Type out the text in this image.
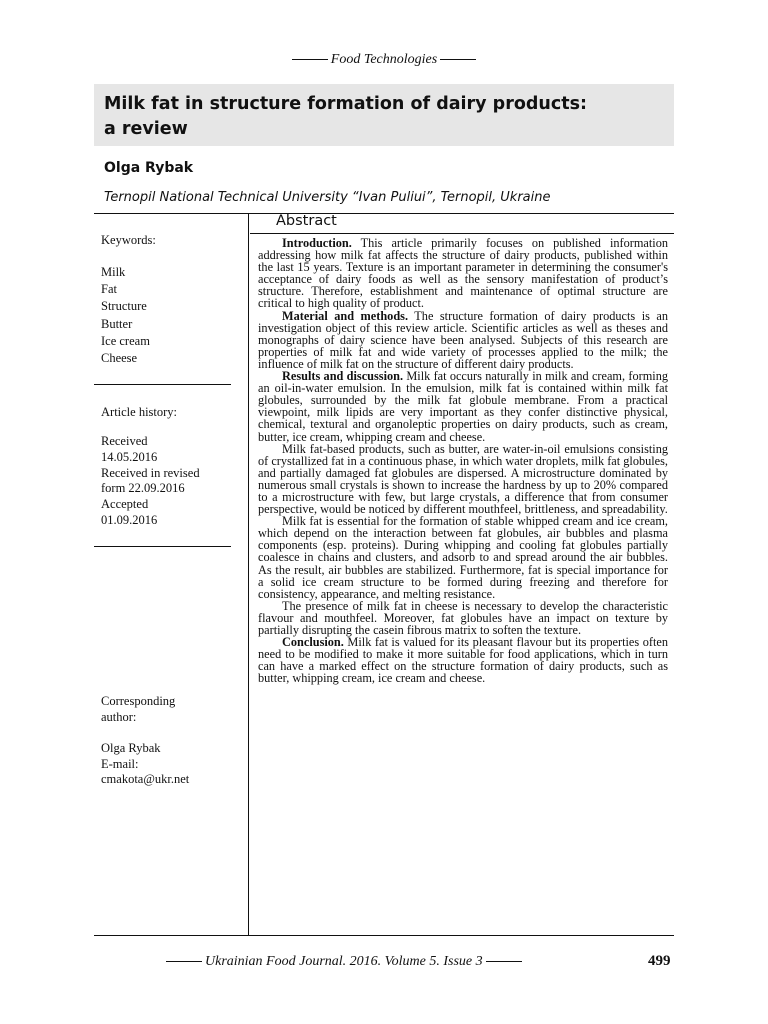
Food Technologies
Milk fat in structure formation of dairy products:
a review
Olga Rybak
Ternopil National Technical University “Ivan Puliui”, Ternopil, Ukraine
Abstract
Keywords:
Milk
Fat
Structure
Butter
Ice cream
Cheese
Article history:
Received
14.05.2016
Received in revised
form 22.09.2016
Accepted
01.09.2016
Corresponding
author:
Olga Rybak
E-mail:
cmakota@ukr.net

Introduction. This article primarily focuses on published information addressing how milk fat affects the structure of dairy products, published within the last 15 years. Texture is an important parameter in determining the consumer's acceptance of dairy foods as well as the sensory manifestation of product’s structure. Therefore, establishment and maintenance of optimal structure are critical to high quality of product.

Material and methods. The structure formation of dairy products is an investigation object of this review article. Scientific articles as well as theses and monographs of dairy science have been analysed. Subjects of this research are properties of milk fat and wide variety of processes applied to the milk; the influence of milk fat on the structure of different dairy products.

Results and discussion. Milk fat occurs naturally in milk and cream, forming an oil-in-water emulsion. In the emulsion, milk fat is contained within milk fat globules, surrounded by the milk fat globule membrane. From a practical viewpoint, milk lipids are very important as they confer distinctive physical, chemical, textural and organoleptic properties on dairy products, such as cream, butter, ice cream, whipping cream and cheese.

Milk fat-based products, such as butter, are water-in-oil emulsions consisting of crystallized fat in a continuous phase, in which water droplets, milk fat globules, and partially damaged fat globules are dispersed. A microstructure dominated by numerous small crystals is shown to increase the hardness by up to 20% compared to a microstructure with few, but large crystals, a difference that from consumer perspective, would be noticed by different mouthfeel, brittleness, and spreadability.

Milk fat is essential for the formation of stable whipped cream and ice cream, which depend on the interaction between fat globules, air bubbles and plasma components (esp. proteins). During whipping and cooling fat globules partially coalesce in chains and clusters, and adsorb to and spread around the air bubbles. As the result, air bubbles are stabilized. Furthermore, fat is special importance for a solid ice cream structure to be formed during freezing and therefore for consistency, appearance, and melting resistance.

The presence of milk fat in cheese is necessary to develop the characteristic flavour and mouthfeel. Moreover, fat globules have an impact on texture by partially disrupting the casein fibrous matrix to soften the texture.

Conclusion. Milk fat is valued for its pleasant flavour but its properties often need to be modified to make it more suitable for food applications, which in turn can have a marked effect on the structure formation of dairy products, such as butter, whipping cream, ice cream and cheese.

Ukrainian Food Journal. 2016. Volume 5. Issue 3	499
